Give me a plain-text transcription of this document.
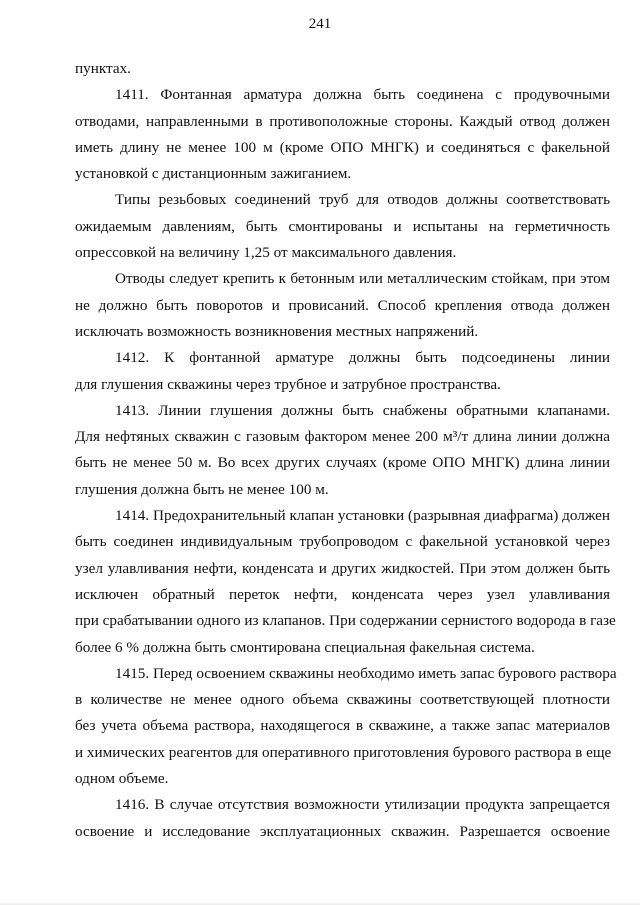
241
пунктах.
1411. Фонтанная арматура должна быть соединена с продувочными
отводами, направленными в противоположные стороны. Каждый отвод должен
иметь длину не менее 100 м (кроме ОПО МНГК) и соединяться с факельной
установкой с дистанционным зажиганием.
Типы резьбовых соединений труб для отводов должны соответствовать
ожидаемым давлениям, быть смонтированы и испытаны на герметичность
опрессовкой на величину 1,25 от максимального давления.
Отводы следует крепить к бетонным или металлическим стойкам, при этом
не должно быть поворотов и провисаний. Способ крепления отвода должен
исключать возможность возникновения местных напряжений.
1412. К фонтанной арматуре должны быть подсоединены линии
для глушения скважины через трубное и затрубное пространства.
1413. Линии глушения должны быть снабжены обратными клапанами.
Для нефтяных скважин с газовым фактором менее 200 м³/т длина линии должна
быть не менее 50 м. Во всех других случаях (кроме ОПО МНГК) длина линии
глушения должна быть не менее 100 м.
1414. Предохранительный клапан установки (разрывная диафрагма) должен
быть соединен индивидуальным трубопроводом с факельной установкой через
узел улавливания нефти, конденсата и других жидкостей. При этом должен быть
исключен обратный переток нефти, конденсата через узел улавливания
при срабатывании одного из клапанов. При содержании сернистого водорода в газе
более 6 % должна быть смонтирована специальная факельная система.
1415. Перед освоением скважины необходимо иметь запас бурового раствора
в количестве не менее одного объема скважины соответствующей плотности
без учета объема раствора, находящегося в скважине, а также запас материалов
и химических реагентов для оперативного приготовления бурового раствора в еще
одном объеме.
1416. В случае отсутствия возможности утилизации продукта запрещается
освоение и исследование эксплуатационных скважин. Разрешается освоение
